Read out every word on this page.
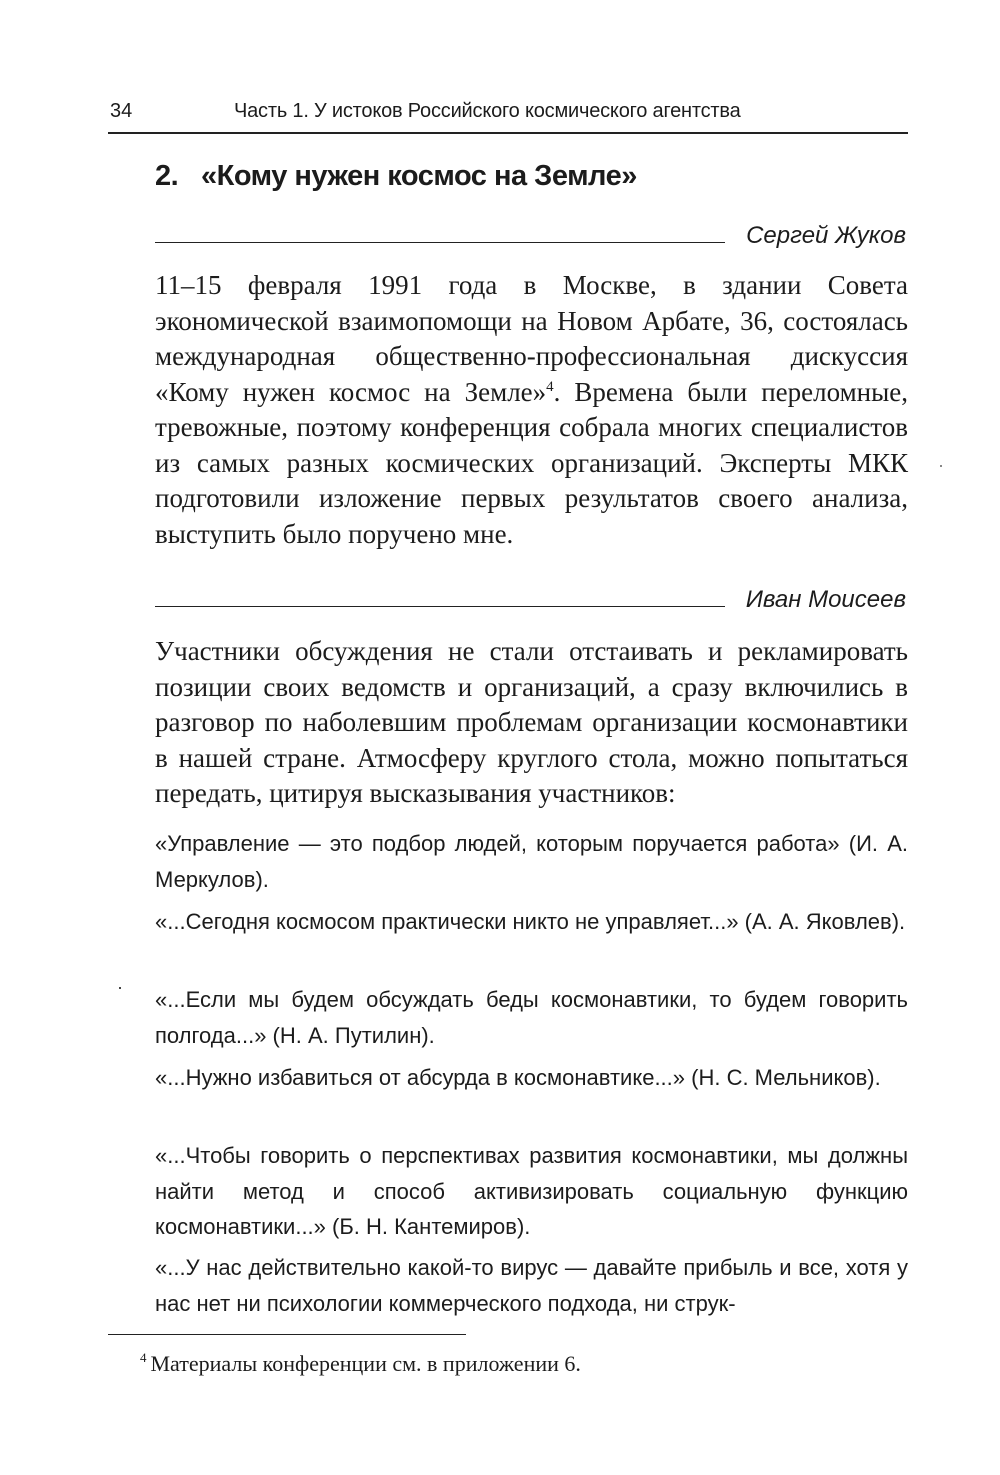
34	Часть 1. У истоков Российского космического агентства
2. «Кому нужен космос на Земле»
Сергей Жуков
11–15 февраля 1991 года в Москве, в здании Совета экономической взаимопомощи на Новом Арбате, 36, состоялась международная общественно-профессиональная дискуссия «Кому нужен космос на Земле»$^4$. Времена были переломные, тревожные, поэтому конференция собрала многих специалистов из самых разных космических организаций. Эксперты МКК подготовили изложение первых результатов своего анализа, выступить было поручено мне.
Иван Моисеев
Участники обсуждения не стали отстаивать и рекламировать позиции своих ведомств и организаций, а сразу включились в разговор по наболевшим проблемам организации космонавтики в нашей стране. Атмосферу круглого стола, можно попытаться передать, цитируя высказывания участников:
«Управление — это подбор людей, которым поручается работа» (И. А. Меркулов).
«...Сегодня космосом практически никто не управляет...» (А. А. Яковлев).
«...Если мы будем обсуждать беды космонавтики, то будем говорить полгода...» (Н. А. Путилин).
«...Нужно избавиться от абсурда в космонавтике...» (Н. С. Мельников).
«...Чтобы говорить о перспективах развития космонавтики, мы должны найти метод и способ активизировать социальную функцию космонавтики...» (Б. Н. Кантемиров).
«...У нас действительно какой-то вирус — давайте прибыль и все, хотя у нас нет ни психологии коммерческого подхода, ни струк-
$^4$ Материалы конференции см. в приложении 6.
